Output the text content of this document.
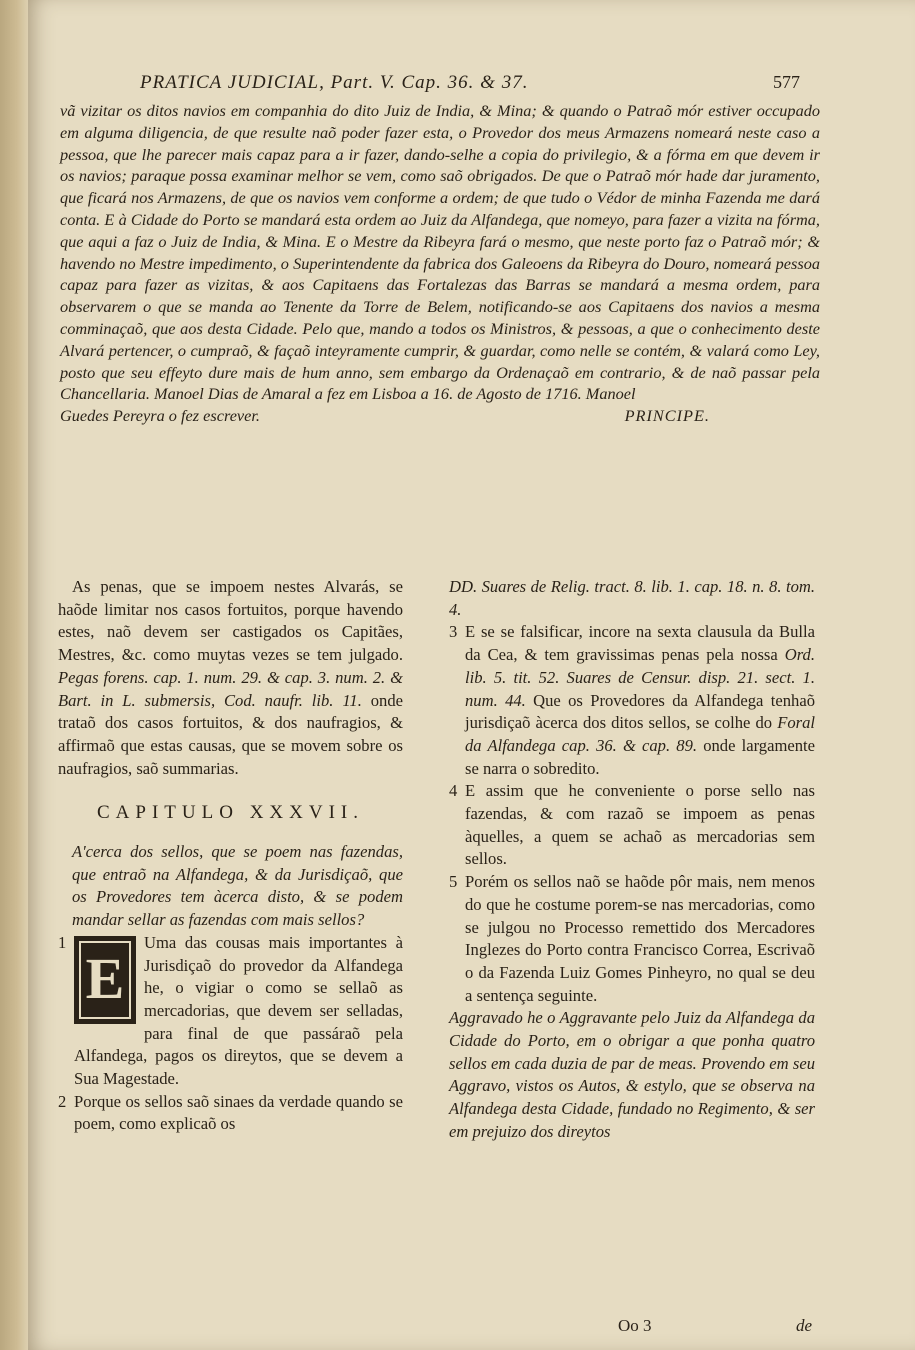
PRATICA JUDICIAL, Part. V. Cap. 36. & 37.	577
vã vizitar os ditos navios em companhia do dito Juiz de India, & Mina; & quando o Patraõ mór estiver occupado em alguma diligencia, de que resulte naõ poder fazer esta, o Provedor dos meus Armazens nomeará neste caso a pessoa, que lhe parecer mais capaz para a ir fazer, dando-selhe a copia do privilegio, & a fórma em que devem ir os navios; paraque possa examinar melhor se vem, como saõ obrigados. De que o Patraõ mór hade dar juramento, que ficará nos Armazens, de que os navios vem conforme a ordem; de que tudo o Védor de minha Fazenda me dará conta. E à Cidade do Porto se mandará esta ordem ao Juiz da Alfandega, que nomeyo, para fazer a vizita na fórma, que aqui a faz o Juiz de India, & Mina. E o Mestre da Ribeyra fará o mesmo, que neste porto faz o Patraõ mór; & havendo no Mestre impedimento, o Superintendente da fabrica dos Galeoens da Ribeyra do Douro, nomeará pessoa capaz para fazer as vizitas, & aos Capitaens das Fortalezas das Barras se mandará a mesma ordem, para observarem o que se manda ao Tenente da Torre de Belem, notificando-se aos Capitaens dos navios a mesma comminaçaõ, que aos desta Cidade. Pelo que, mando a todos os Ministros, & pessoas, a que o conhecimento deste Alvará pertencer, o cumpraõ, & façaõ inteyramente cumprir, & guardar, como nelle se contém, & valará como Ley, posto que seu effeyto dure mais de hum anno, sem embargo da Ordenaçaõ em contrario, & de naõ passar pela Chancellaria. Manoel Dias de Amaral a fez em Lisboa a 16. de Agosto de 1716. Manoel
Guedes Pereyra o fez escrever.	PRINCIPE.

As penas, que se impoem nestes Alvarás, se haõde limitar nos casos fortuitos, porque havendo estes, naõ devem ser castigados os Capitães, Mestres, &c. como muytas vezes se tem julgado. Pegas forens. cap. 1. num. 29. & cap. 3. num. 2. & Bart. in L. submersis, Cod. naufr. lib. 11. onde trataõ dos casos fortuitos, & dos naufragios, & affirmaõ que estas causas, que se movem sobre os naufragios, saõ summarias.

CAPITULO XXXVII.

A'cerca dos sellos, que se poem nas fazendas, que entraõ na Alfandega, & da Jurisdiçaõ, que os Provedores tem àcerca disto, & se podem mandar sellar as fazendas com mais sellos?

1

E
Uma das cousas mais importantes à Jurisdiçaõ do provedor da Alfandega he, o vigiar o como se sellaõ as mercadorias, que devem ser selladas, para final de que passáraõ pela Alfandega, pagos os direytos, que se devem a Sua Magestade.

2 Porque os sellos saõ sinaes da verdade quando se poem, como explicaõ os

DD. Suares de Relig. tract. 8. lib. 1. cap. 18. n. 8. tom. 4.

3 E se se falsificar, incore na sexta clausula da Bulla da Cea, & tem gravissimas penas pela nossa Ord. lib. 5. tit. 52. Suares de Censur. disp. 21. sect. 1. num. 44. Que os Provedores da Alfandega tenhaõ jurisdiçaõ àcerca dos ditos sellos, se colhe do Foral da Alfandega cap. 36. & cap. 89. onde largamente se narra o sobredito.

4 E assim que he conveniente o porse sello nas fazendas, & com razaõ se impoem as penas àquelles, a quem se achaõ as mercadorias sem sellos.

5 Porém os sellos naõ se haõde pôr mais, nem menos do que he costume porem-se nas mercadorias, como se julgou no Processo remettido dos Mercadores Inglezes do Porto contra Francisco Correa, Escrivaõ o da Fazenda Luiz Gomes Pinheyro, no qual se deu a sentença seguinte.

Aggravado he o Aggravante pelo Juiz da Alfandega da Cidade do Porto, em o obrigar a que ponha quatro sellos em cada duzia de par de meas. Provendo em seu Aggravo, vistos os Autos, & estylo, que se observa na Alfandega desta Cidade, fundado no Regimento, & ser em prejuizo dos direytos

Oo 3	de
